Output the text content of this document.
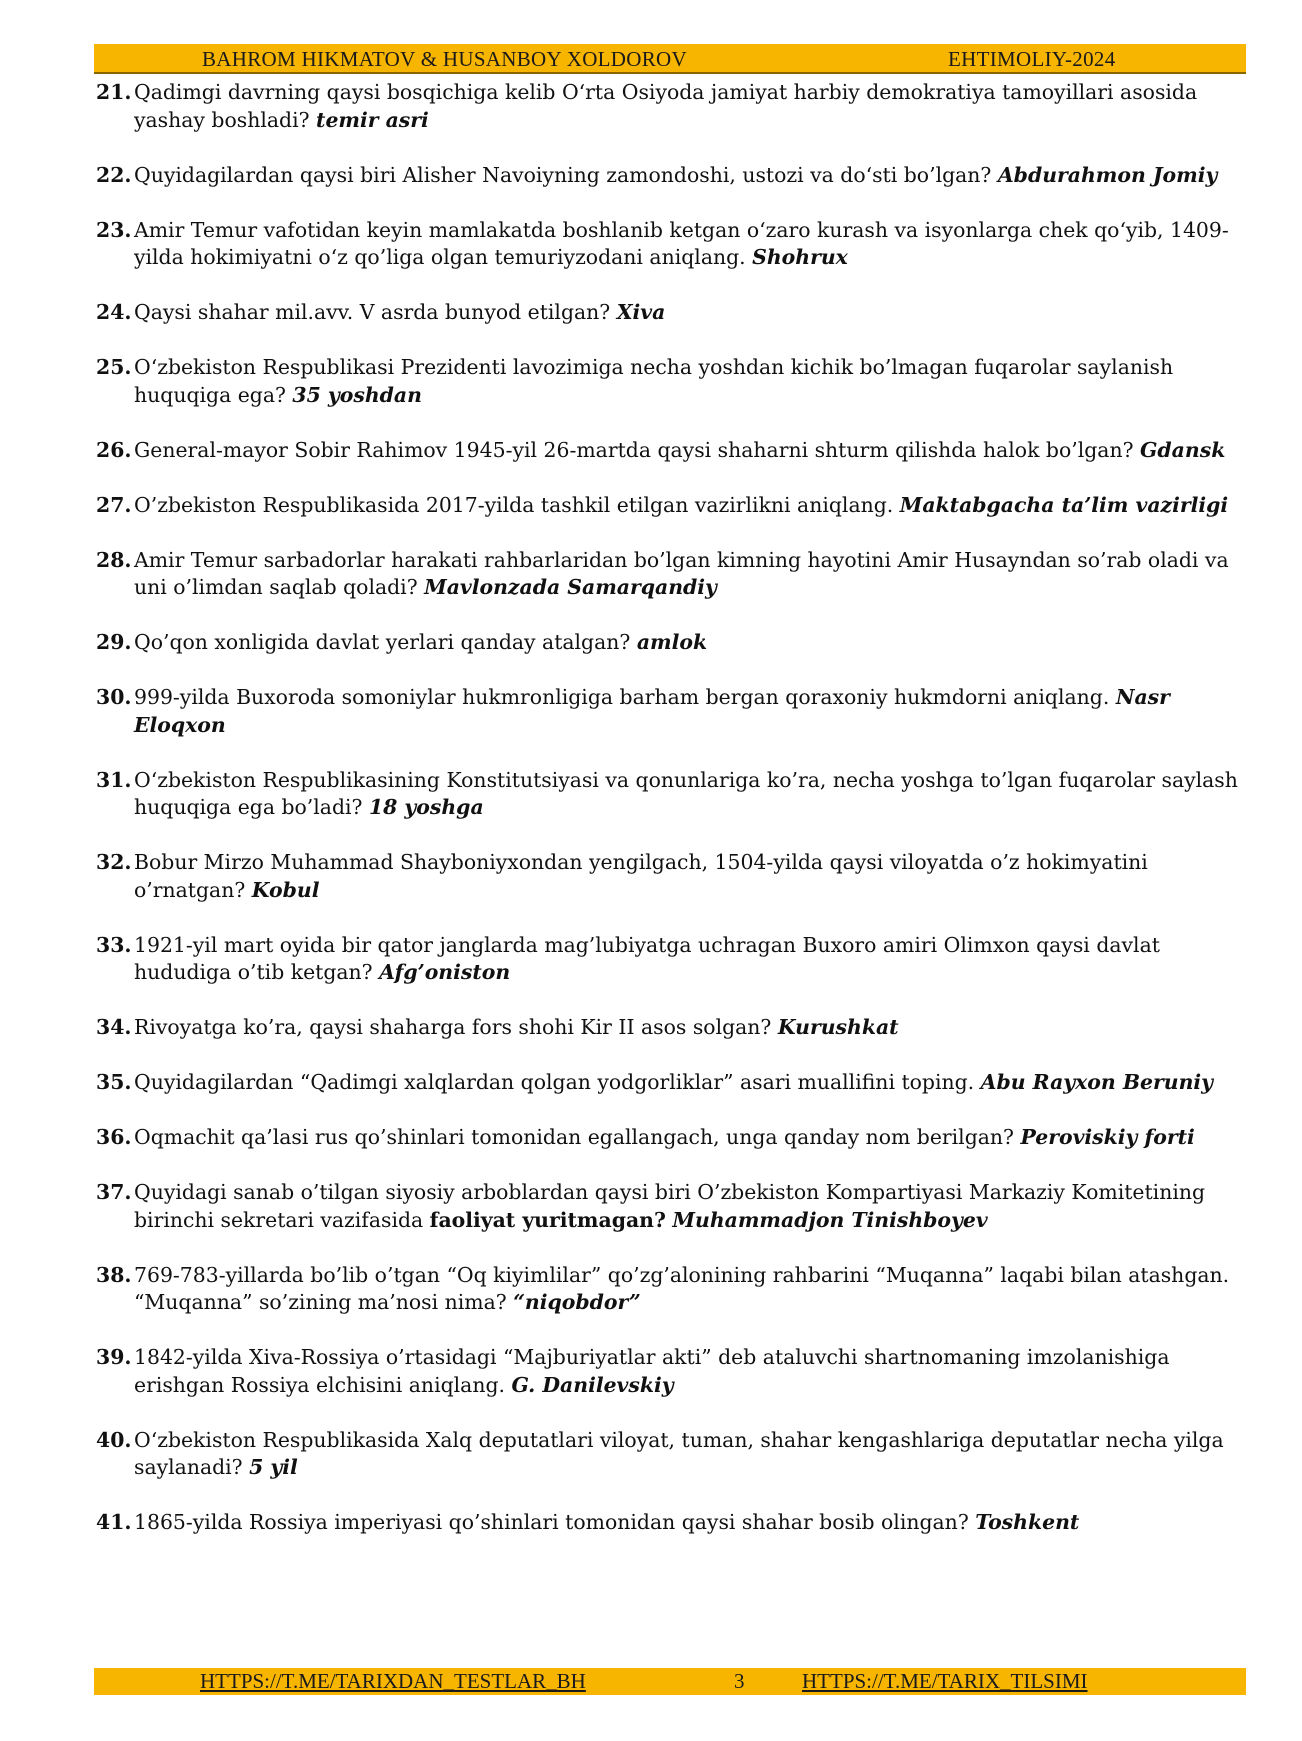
BAHROM HIKMATOV & HUSANBOY XOLDOROV	EHTIMOLIY-2024
21. Qadimgi davrning qaysi bosqichiga kelib O‘rta Osiyoda jamiyat harbiy demokratiya tamoyillari asosida yashay boshladi? temir asri
22. Quyidagilardan qaysi biri Alisher Navoiyning zamondoshi, ustozi va do‘sti bo’lgan? Abdurahmon Jomiy
23. Amir Temur vafotidan keyin mamlakatda boshlanib ketgan o‘zaro kurash va isyonlarga chek qo‘yib, 1409-yilda hokimiyatni o‘z qo’liga olgan temuriyzodani aniqlang. Shohrux
24. Qaysi shahar mil.avv. V asrda bunyod etilgan? Xiva
25. O‘zbekiston Respublikasi Prezidenti lavozimiga necha yoshdan kichik bo’lmagan fuqarolar saylanish huquqiga ega? 35 yoshdan
26. General-mayor Sobir Rahimov 1945-yil 26-martda qaysi shaharni shturm qilishda halok bo’lgan? Gdansk
27. O’zbekiston Respublikasida 2017-yilda tashkil etilgan vazirlikni aniqlang. Maktabgacha ta’lim vazirligi
28. Amir Temur sarbadorlar harakati rahbarlaridan bo’lgan kimning hayotini Amir Husayndan so’rab oladi va uni o’limdan saqlab qoladi? Mavlonzada Samarqandiy
29. Qo’qon xonligida davlat yerlari qanday atalgan? amlok
30. 999-yilda Buxoroda somoniylar hukmronligiga barham bergan qoraxoniy hukmdorni aniqlang. Nasr Eloqxon
31. O‘zbekiston Respublikasining Konstitutsiyasi va qonunlariga ko’ra, necha yoshga to’lgan fuqarolar saylash huquqiga ega bo’ladi? 18 yoshga
32. Bobur Mirzo Muhammad Shayboniyxondan yengilgach, 1504-yilda qaysi viloyatda o’z hokimyatini o’rnatgan? Kobul
33. 1921-yil mart oyida bir qator janglarda mag’lubiyatga uchragan Buxoro amiri Olimxon qaysi davlat hududiga o’tib ketgan? Afg’oniston
34. Rivoyatga ko’ra, qaysi shaharga fors shohi Kir II asos solgan? Kurushkat
35. Quyidagilardan “Qadimgi xalqlardan qolgan yodgorliklar” asari muallifini toping. Abu Rayxon Beruniy
36. Oqmachit qa’lasi rus qo’shinlari tomonidan egallangach, unga qanday nom berilgan? Peroviskiy forti
37. Quyidagi sanab o’tilgan siyosiy arboblardan qaysi biri O’zbekiston Kompartiyasi Markaziy Komitetining birinchi sekretari vazifasida faoliyat yuritmagan? Muhammadjon Tinishboyev
38. 769-783-yillarda bo’lib o’tgan “Oq kiyimlilar” qo’zg’alonining rahbarini “Muqanna” laqabi bilan atashgan. “Muqanna” so’zining ma’nosi nima? “niqobdor”
39. 1842-yilda Xiva-Rossiya o’rtasidagi “Majburiyatlar akti” deb ataluvchi shartnomaning imzolanishiga erishgan Rossiya elchisini aniqlang. G. Danilevskiy
40. O‘zbekiston Respublikasida Xalq deputatlari viloyat, tuman, shahar kengashlariga deputatlar necha yilga saylanadi? 5 yil
41. 1865-yilda Rossiya imperiyasi qo’shinlari tomonidan qaysi shahar bosib olingan? Toshkent
HTTPS://T.ME/TARIXDAN_TESTLAR_BH	3	HTTPS://T.ME/TARIX_TILSIMI
